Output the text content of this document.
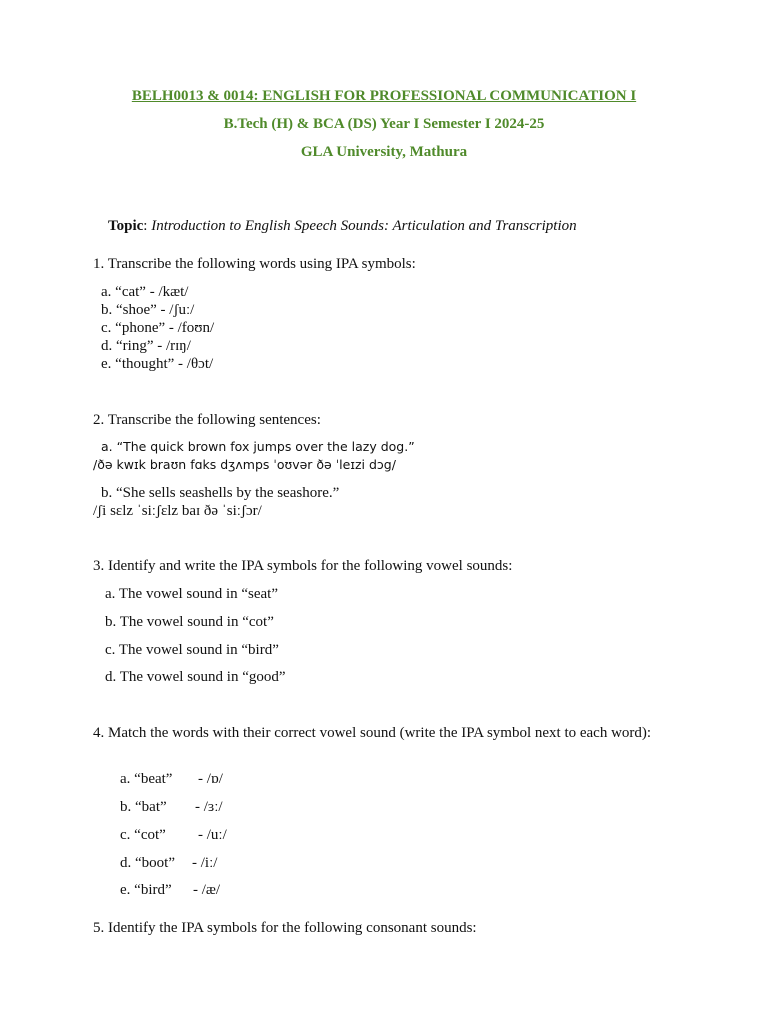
BELH0013 & 0014: ENGLISH FOR PROFESSIONAL COMMUNICATION I
B.Tech (H) & BCA (DS) Year I Semester I 2024-25
GLA University, Mathura

Topic: Introduction to English Speech Sounds: Articulation and Transcription

1. Transcribe the following words using IPA symbols:
a. “cat” - /kæt/
b. “shoe” - /ʃuː/
c. “phone” - /foʊn/
d. “ring” - /rɪŋ/
e. “thought” - /θɔt/
2. Transcribe the following sentences:
a. “The quick brown fox jumps over the lazy dog.”
/ðə kwɪk braʊn fɑks dʒʌmps ˈoʊvər ðə ˈleɪzi dɔg/
b. “She sells seashells by the seashore.”
/ʃi sɛlz ˈsiːʃɛlz baɪ ðə ˈsiːʃɔr/
3. Identify and write the IPA symbols for the following vowel sounds:
a. The vowel sound in “seat”
b. The vowel sound in “cot”
c. The vowel sound in “bird”
d. The vowel sound in “good”
4. Match the words with their correct vowel sound (write the IPA symbol next to each word):

a. “beat” - /ɒ/

b. “bat” - /ɜː/

c. “cot” - /uː/

d. “boot” - /iː/

e. “bird” - /æ/

5. Identify the IPA symbols for the following consonant sounds:
